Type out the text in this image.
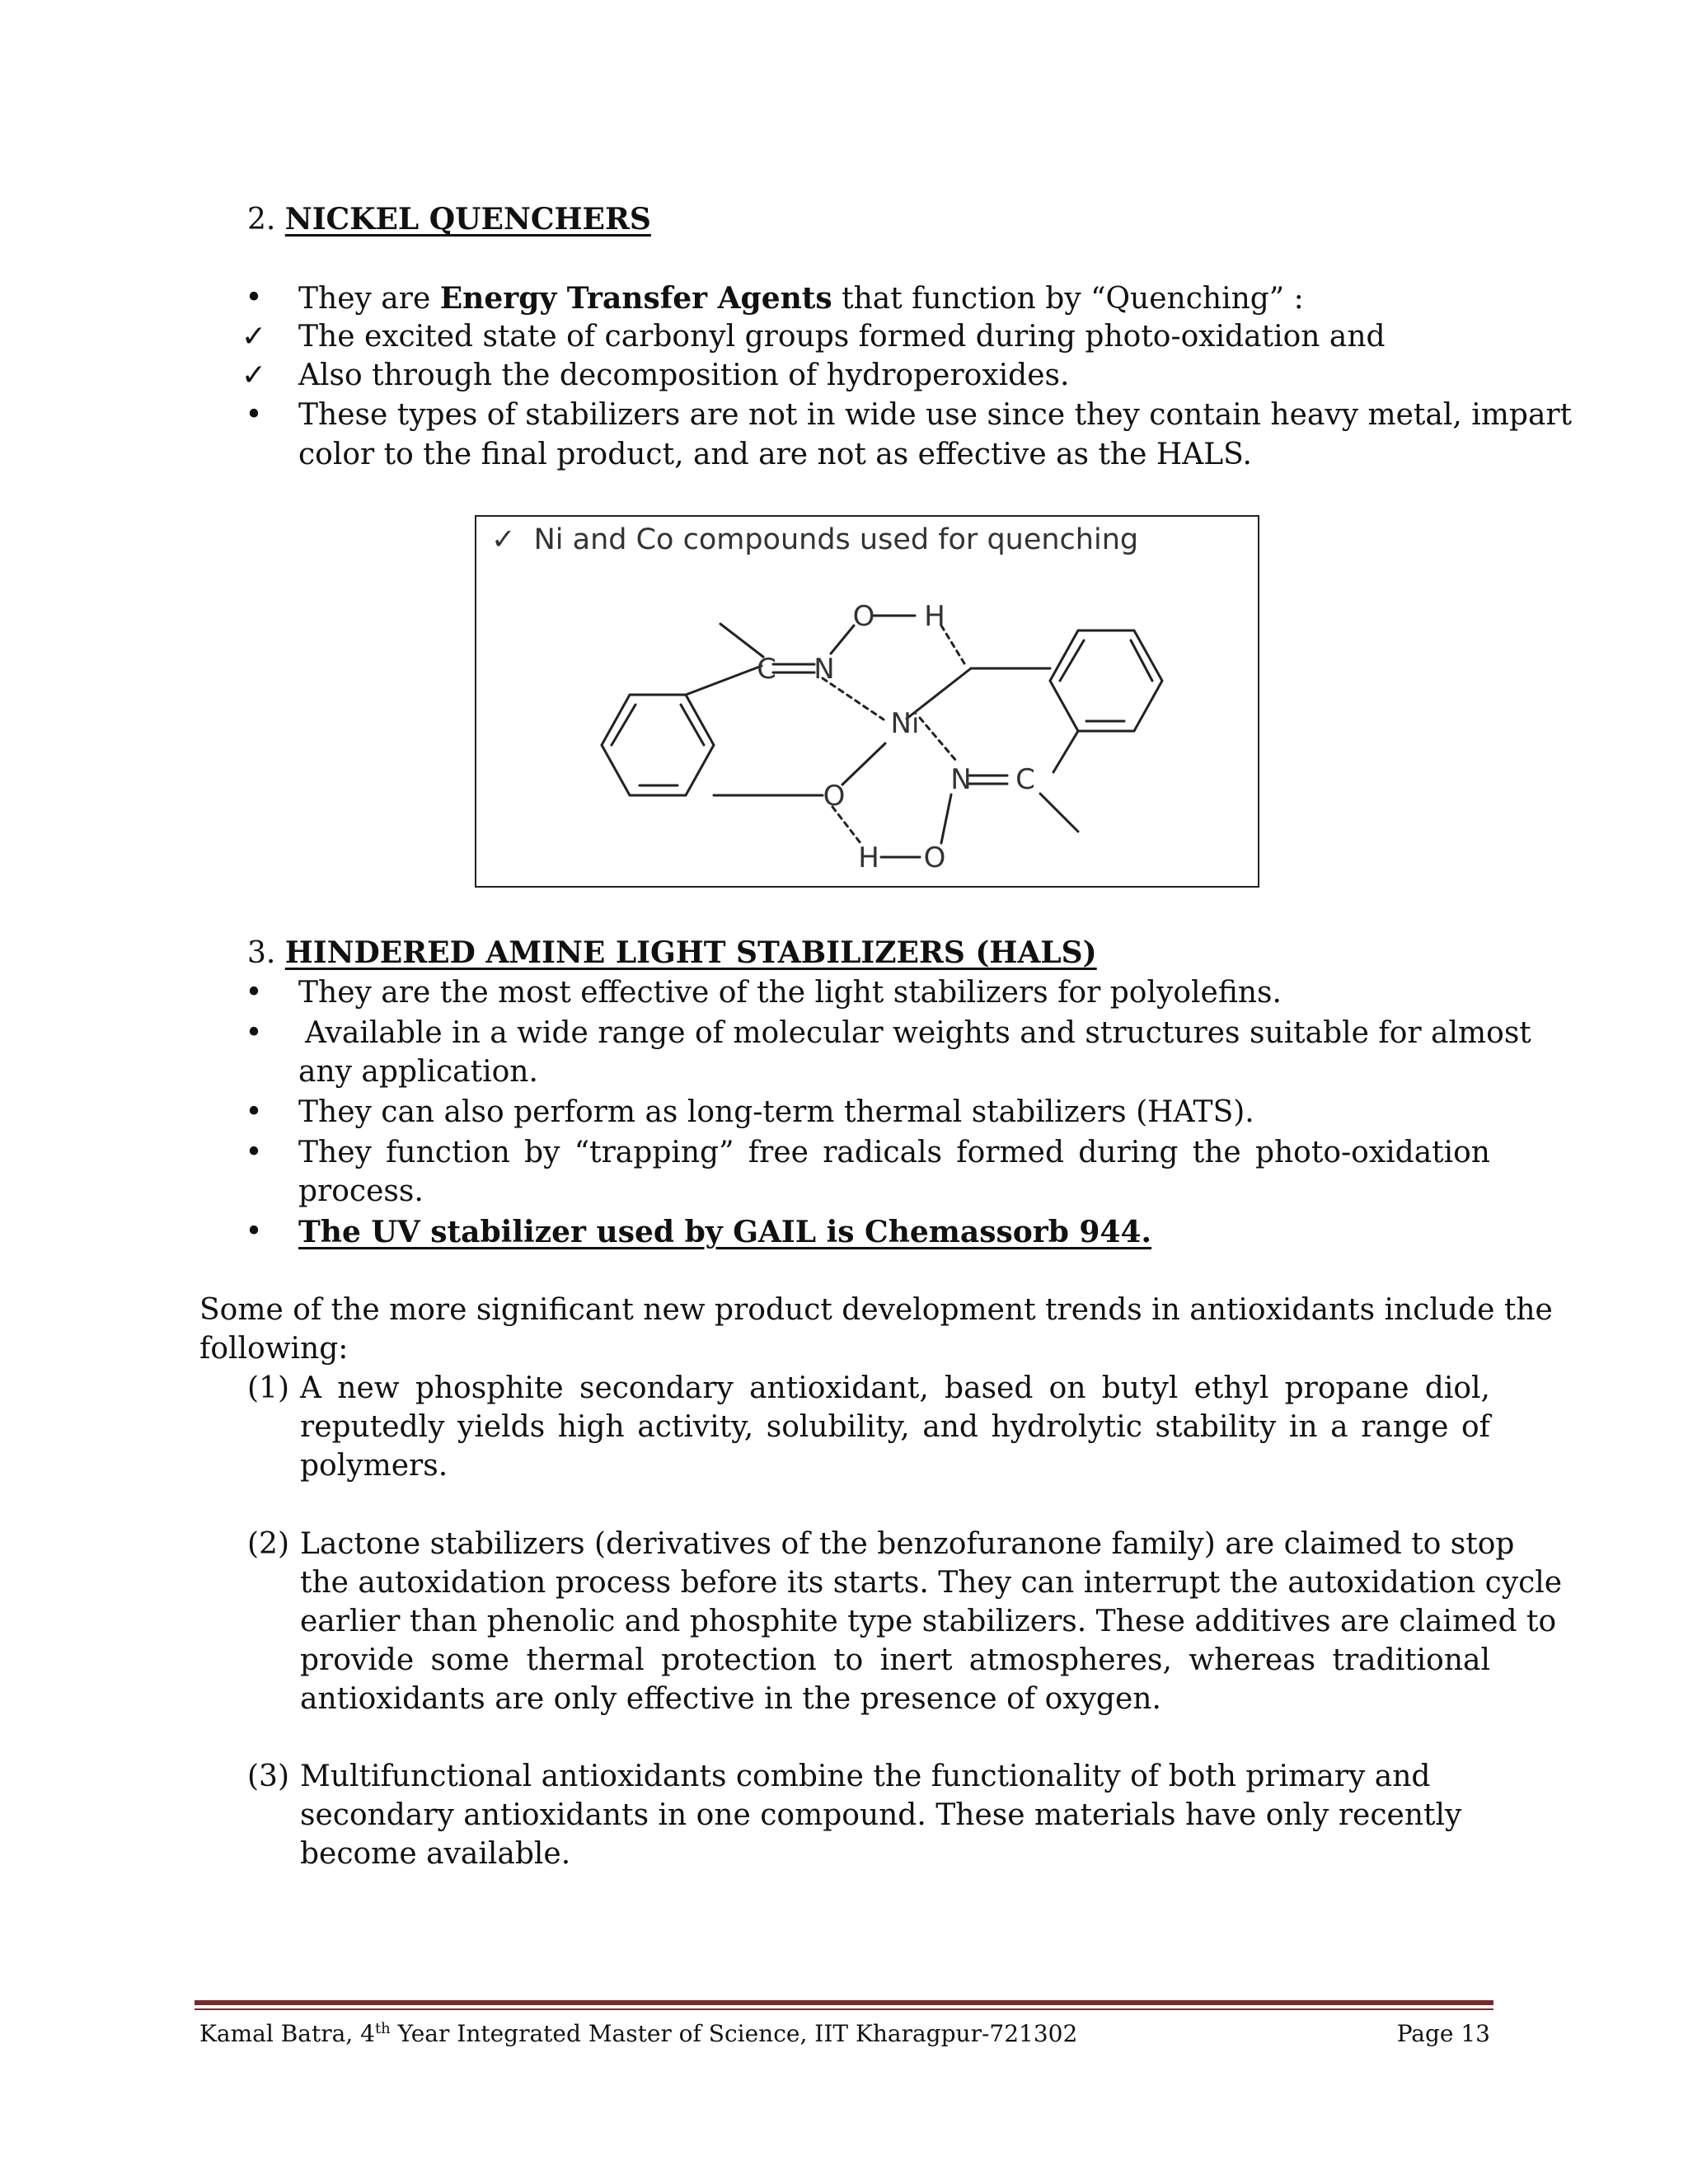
2. NICKEL QUENCHERS
• They are Energy Transfer Agents that function by “Quenching” :
✓ The excited state of carbonyl groups formed during photo-oxidation and
✓ Also through the decomposition of hydroperoxides.
• These types of stabilizers are not in wide use since they contain heavy metal, impart
color to the final product, and are not as effective as the HALS.
✓ Ni and Co compounds used for quenching
O H
C N
Ni
N C
O
H O
3. HINDERED AMINE LIGHT STABILIZERS (HALS)
• They are the most effective of the light stabilizers for polyolefins.
• Available in a wide range of molecular weights and structures suitable for almost
any application.
• They can also perform as long-term thermal stabilizers (HATS).
• They function by “trapping” free radicals formed during the photo-oxidation
process.
• The UV stabilizer used by GAIL is Chemassorb 944.
Some of the more significant new product development trends in antioxidants include the
following:
(1) A new phosphite secondary antioxidant, based on butyl ethyl propane diol,
reputedly yields high activity, solubility, and hydrolytic stability in a range of
polymers.
(2) Lactone stabilizers (derivatives of the benzofuranone family) are claimed to stop
the autoxidation process before its starts. They can interrupt the autoxidation cycle
earlier than phenolic and phosphite type stabilizers. These additives are claimed to
provide some thermal protection to inert atmospheres, whereas traditional
antioxidants are only effective in the presence of oxygen.
(3) Multifunctional antioxidants combine the functionality of both primary and
secondary antioxidants in one compound. These materials have only recently
become available.
Kamal Batra, 4th Year Integrated Master of Science, IIT Kharagpur-721302	Page 13
